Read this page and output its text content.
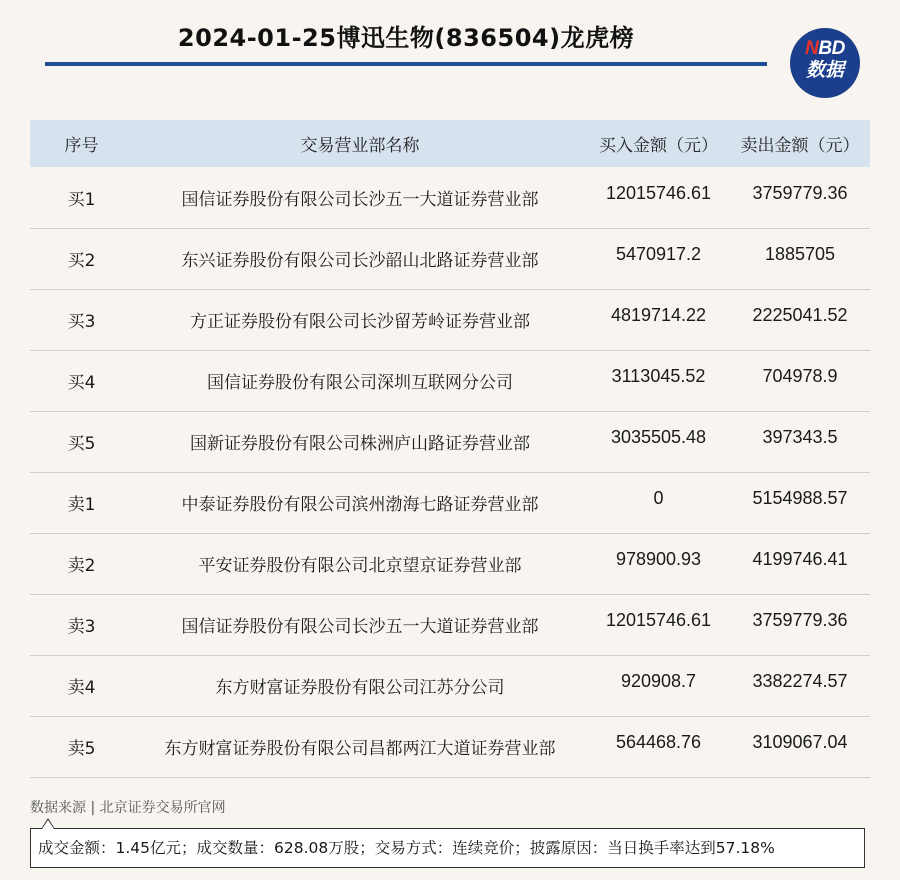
2024-01-25博迅生物(836504)龙虎榜	NBD
数据
序号	交易营业部名称	买入金额（元）	卖出金额（元）
买1	国信证券股份有限公司长沙五一大道证券营业部	12015746.61	3759779.36
买2	东兴证券股份有限公司长沙韶山北路证券营业部	5470917.2	1885705
买3	方正证券股份有限公司长沙留芳岭证券营业部	4819714.22	2225041.52
买4	国信证券股份有限公司深圳互联网分公司	3113045.52	704978.9
买5	国新证券股份有限公司株洲庐山路证券营业部	3035505.48	397343.5
卖1	中泰证券股份有限公司滨州渤海七路证券营业部	0	5154988.57
卖2	平安证券股份有限公司北京望京证券营业部	978900.93	4199746.41
卖3	国信证券股份有限公司长沙五一大道证券营业部	12015746.61	3759779.36
卖4	东方财富证券股份有限公司江苏分公司	920908.7	3382274.57
卖5	东方财富证券股份有限公司昌都两江大道证券营业部	564468.76	3109067.04
数据来源 | 北京证券交易所官网
成交金额：1.45亿元；成交数量：628.08万股；交易方式：连续竞价；披露原因：当日换手率达到57.18%
